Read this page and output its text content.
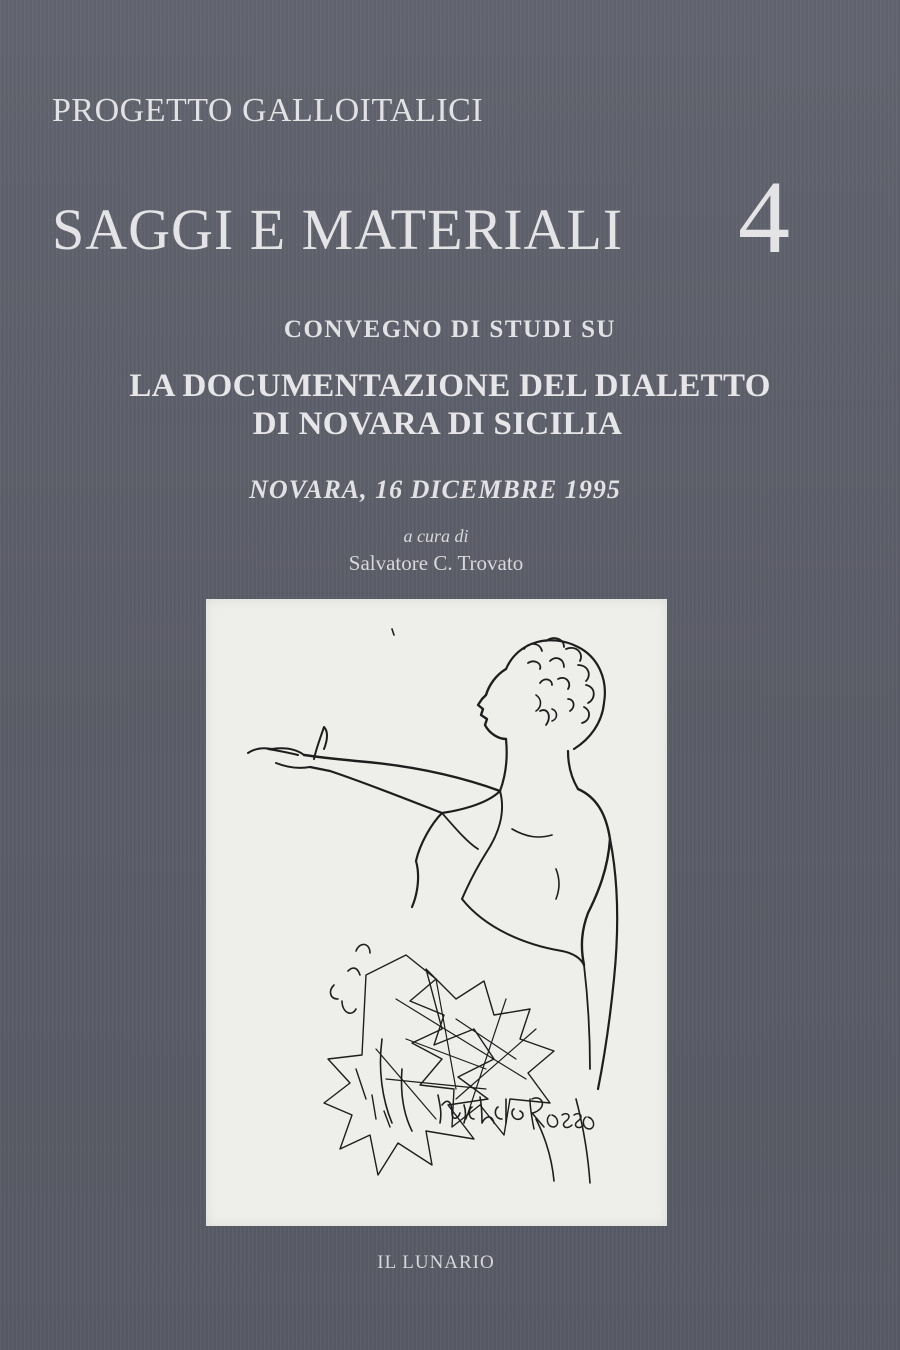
PROGETTO GALLOITALICI

SAGGI E MATERIALI 4

CONVEGNO DI STUDI SU

LA DOCUMENTAZIONE DEL DIALETTO

DI NOVARA DI SICILIA

NOVARA, 16 DICEMBRE 1995

a cura di

Salvatore C. Trovato

IL LUNARIO
